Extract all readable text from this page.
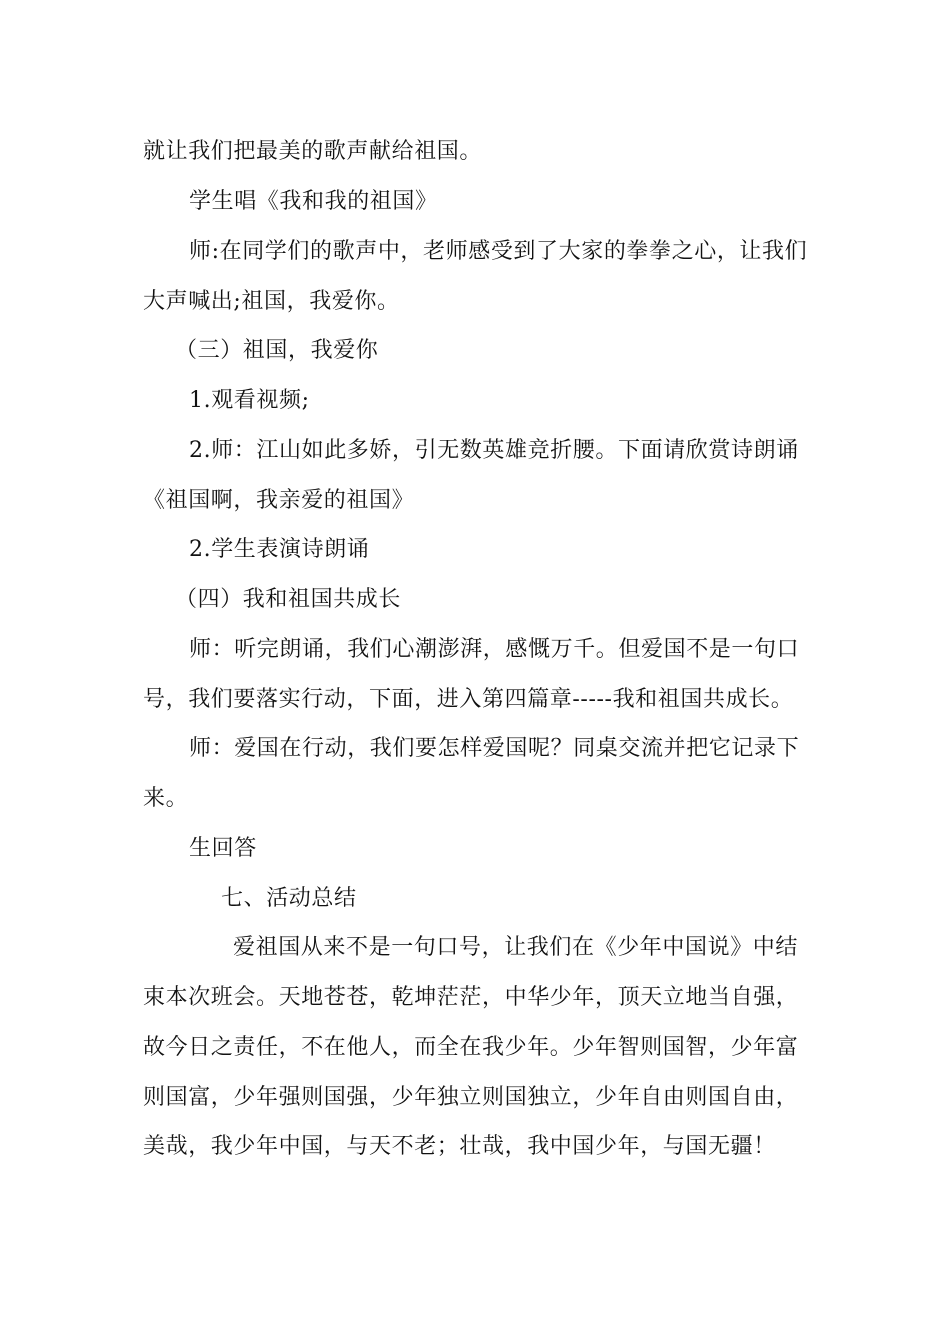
就让我们把最美的歌声献给祖国。
学生唱《我和我的祖国》
师:在同学们的歌声中，老师感受到了大家的拳拳之心，让我们
大声喊出;祖国，我爱你。
（三）祖国，我爱你
1.观看视频;
2.师：江山如此多娇，引无数英雄竞折腰。下面请欣赏诗朗诵
《祖国啊，我亲爱的祖国》
2.学生表演诗朗诵
（四）我和祖国共成长
师：听完朗诵，我们心潮澎湃，感慨万千。但爱国不是一句口
号，我们要落实行动，下面，进入第四篇章-----我和祖国共成长。
师：爱国在行动，我们要怎样爱国呢？同桌交流并把它记录下
来。
生回答
七、活动总结
爱祖国从来不是一句口号，让我们在《少年中国说》中结
束本次班会。天地苍苍，乾坤茫茫，中华少年，顶天立地当自强，
故今日之责任，不在他人，而全在我少年。少年智则国智，少年富
则国富，少年强则国强，少年独立则国独立，少年自由则国自由，
美哉，我少年中国，与天不老；壮哉，我中国少年，与国无疆！
